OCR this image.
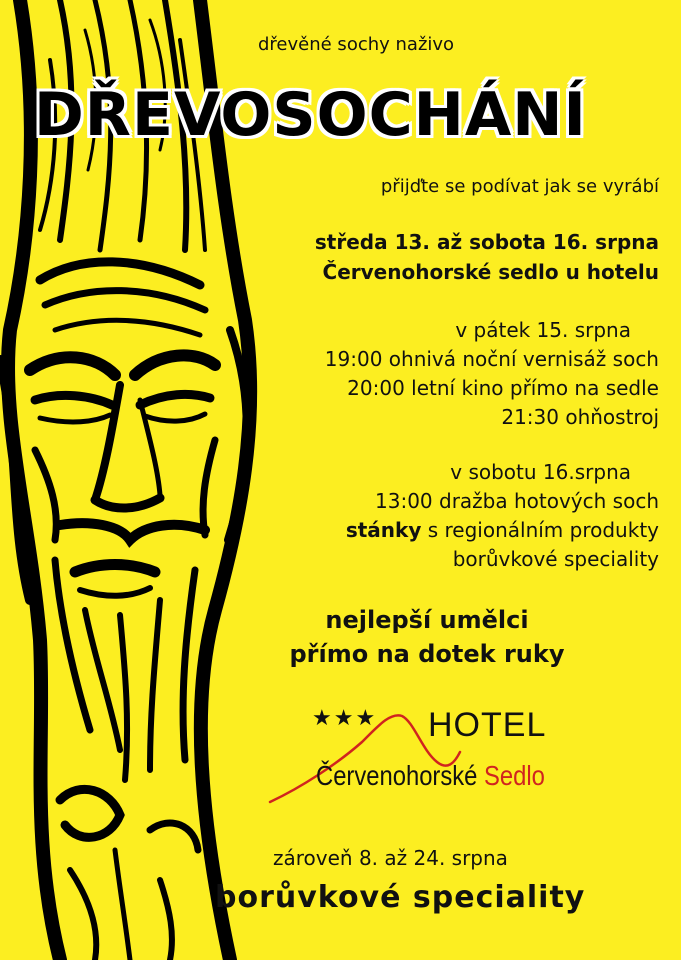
dřevěné sochy naživo

DŘEVOSOCHÁNÍ

přijďte se podívat jak se vyrábí

středa 13. až sobota 16. srpna

Červenohorské sedlo u hotelu

v pátek 15. srpna
19:00 ohnivá noční vernisáž soch
20:00 letní kino přímo na sedle
21:30 ohňostroj
v sobotu 16.srpna
13:00 dražba hotových soch
stánky s regionálním produkty
borůvkové speciality
nejlepší umělci
přímo na dotek ruky
★★★ HOTEL
Červenohorské Sedlo

zároveň 8. až 24. srpna

borůvkové speciality
